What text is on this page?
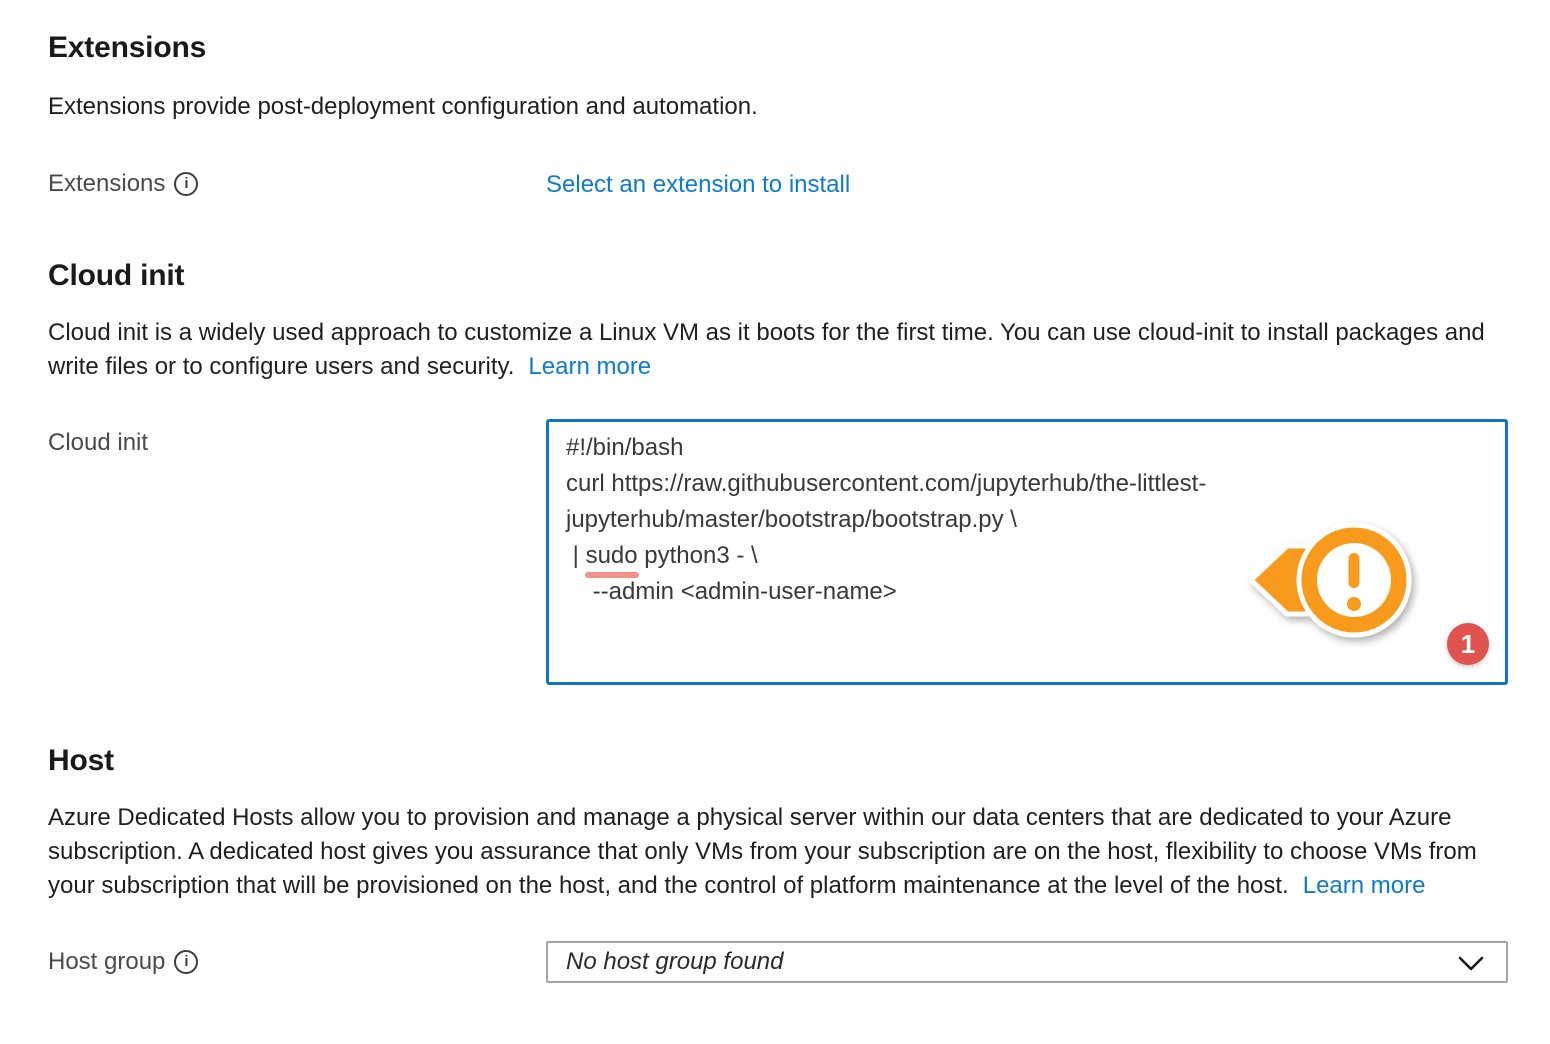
Extensions

Extensions provide post-deployment configuration and automation.

Extensions i	Select an extension to install
Cloud init

Cloud init is a widely used approach to customize a Linux VM as it boots for the first time. You can use cloud-init to install packages and write files or to configure users and security. Learn more

Cloud init	#!/bin/bash
curl https://raw.githubusercontent.com/jupyterhub/the-littlest-
jupyterhub/master/bootstrap/bootstrap.py \
| sudo python3 - \
--admin <admin-user-name>
1
Host

Azure Dedicated Hosts allow you to provision and manage a physical server within our data centers that are dedicated to your Azure subscription. A dedicated host gives you assurance that only VMs from your subscription are on the host, flexibility to choose VMs from your subscription that will be provisioned on the host, and the control of platform maintenance at the level of the host. Learn more

Host group i	No host group found
